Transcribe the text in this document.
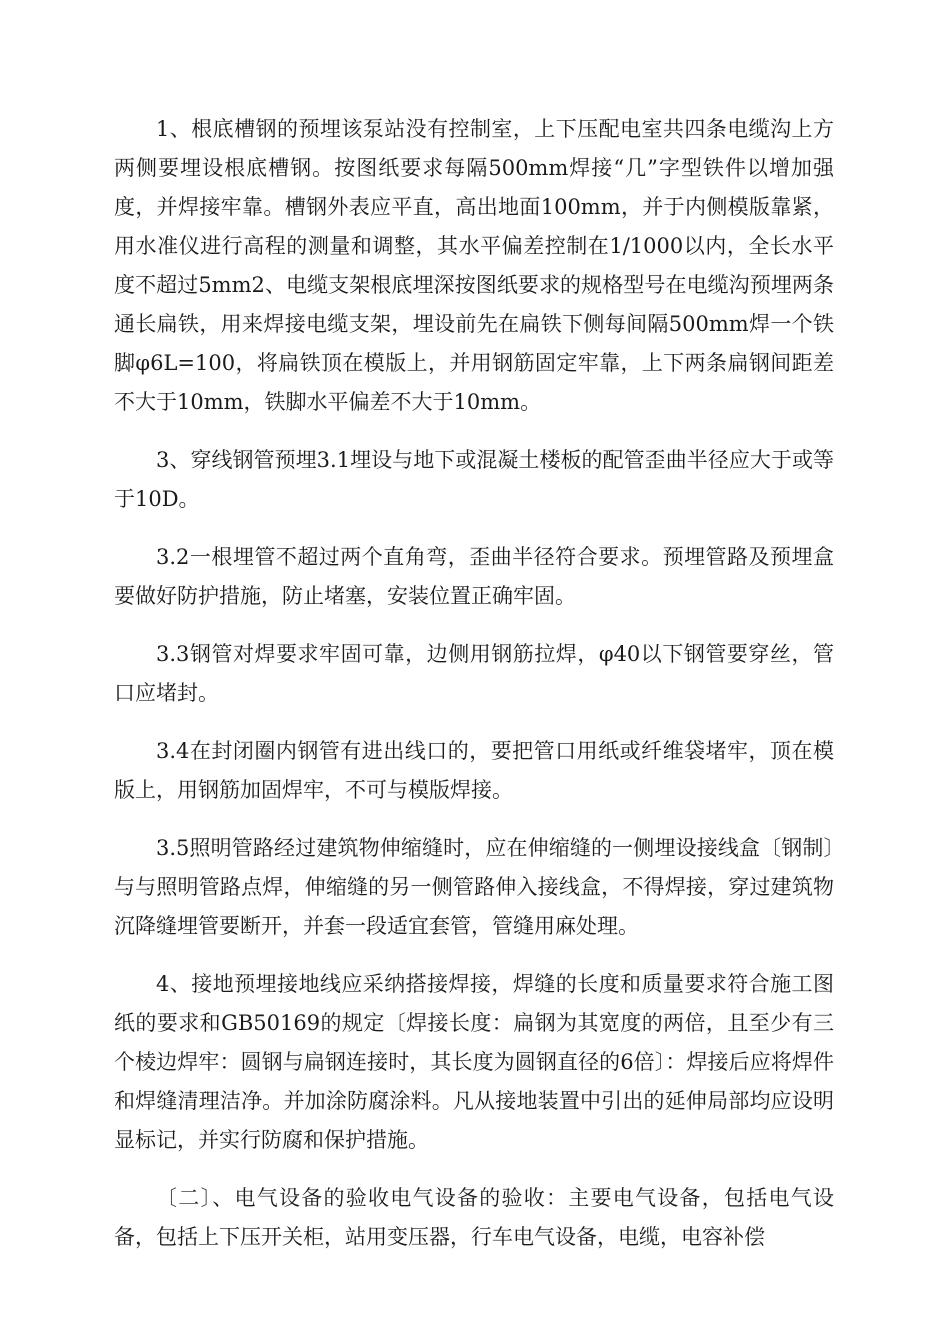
1、根底槽钢的预埋该泵站没有控制室，上下压配电室共四条电缆沟上方两侧要埋设根底槽钢。按图纸要求每隔500mm焊接“几”字型铁件以增加强度，并焊接牢靠。槽钢外表应平直，高出地面100mm，并于内侧模版靠紧，用水准仪进行高程的测量和调整，其水平偏差控制在1/1000以内，全长水平度不超过5mm2、电缆支架根底埋深按图纸要求的规格型号在电缆沟预埋两条通长扁铁，用来焊接电缆支架，埋设前先在扁铁下侧每间隔500mm焊一个铁脚φ6L=100，将扁铁顶在模版上，并用钢筋固定牢靠，上下两条扁钢间距差不大于10mm，铁脚水平偏差不大于10mm。

3、穿线钢管预埋3.1埋设与地下或混凝土楼板的配管歪曲半径应大于或等于10D。

3.2一根埋管不超过两个直角弯，歪曲半径符合要求。预埋管路及预埋盒要做好防护措施，防止堵塞，安装位置正确牢固。

3.3钢管对焊要求牢固可靠，边侧用钢筋拉焊，φ40以下钢管要穿丝，管口应堵封。

3.4在封闭圈内钢管有进出线口的，要把管口用纸或纤维袋堵牢，顶在模版上，用钢筋加固焊牢，不可与模版焊接。

3.5照明管路经过建筑物伸缩缝时，应在伸缩缝的一侧埋设接线盒〔钢制〕与与照明管路点焊，伸缩缝的另一侧管路伸入接线盒，不得焊接，穿过建筑物沉降缝埋管要断开，并套一段适宜套管，管缝用麻处理。

4、接地预埋接地线应采纳搭接焊接，焊缝的长度和质量要求符合施工图纸的要求和GB50169的规定〔焊接长度：扁钢为其宽度的两倍，且至少有三个棱边焊牢：圆钢与扁钢连接时，其长度为圆钢直径的6倍〕：焊接后应将焊件和焊缝清理洁净。并加涂防腐涂料。凡从接地装置中引出的延伸局部均应设明显标记，并实行防腐和保护措施。

〔二〕、电气设备的验收电气设备的验收：主要电气设备，包括电气设备，包括上下压开关柜，站用变压器，行车电气设备，电缆，电容补偿
